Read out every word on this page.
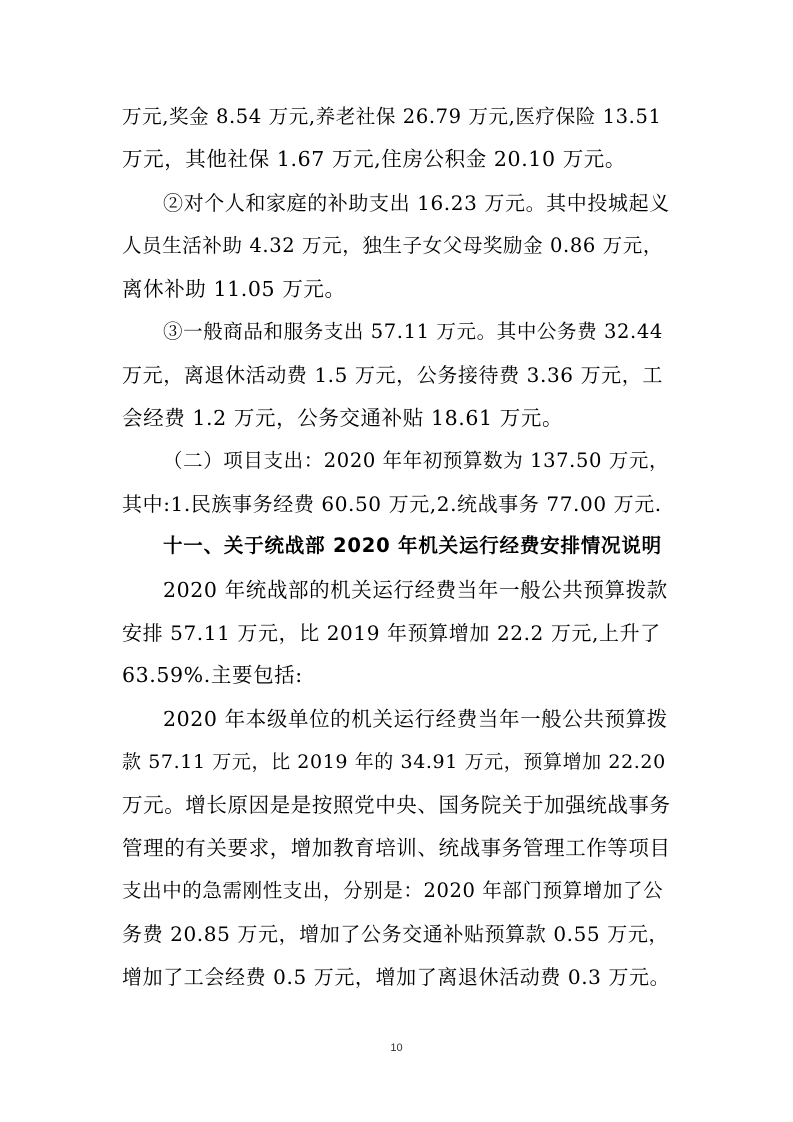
万元,奖金 8.54 万元,养老社保 26.79 万元,医疗保险 13.51
万元，其他社保 1.67 万元,住房公积金 20.10 万元。
②对个人和家庭的补助支出 16.23 万元。其中投城起义
人员生活补助 4.32 万元，独生子女父母奖励金 0.86 万元，
离休补助 11.05 万元。
③一般商品和服务支出 57.11 万元。其中公务费 32.44
万元，离退休活动费 1.5 万元，公务接待费 3.36 万元，工
会经费 1.2 万元，公务交通补贴 18.61 万元。
（二）项目支出：2020 年年初预算数为 137.50 万元，
其中:1.民族事务经费 60.50 万元,2.统战事务 77.00 万元.
十一、关于统战部 2020 年机关运行经费安排情况说明
2020 年统战部的机关运行经费当年一般公共预算拨款
安排 57.11 万元，比 2019 年预算增加 22.2 万元,上升了
63.59%.主要包括:
2020 年本级单位的机关运行经费当年一般公共预算拨
款 57.11 万元，比 2019 年的 34.91 万元，预算增加 22.20
万元。增长原因是是按照党中央、国务院关于加强统战事务
管理的有关要求，增加教育培训、统战事务管理工作等项目
支出中的急需刚性支出，分别是：2020 年部门预算增加了公
务费 20.85 万元，增加了公务交通补贴预算款 0.55 万元，
增加了工会经费 0.5 万元，增加了离退休活动费 0.3 万元。
10
